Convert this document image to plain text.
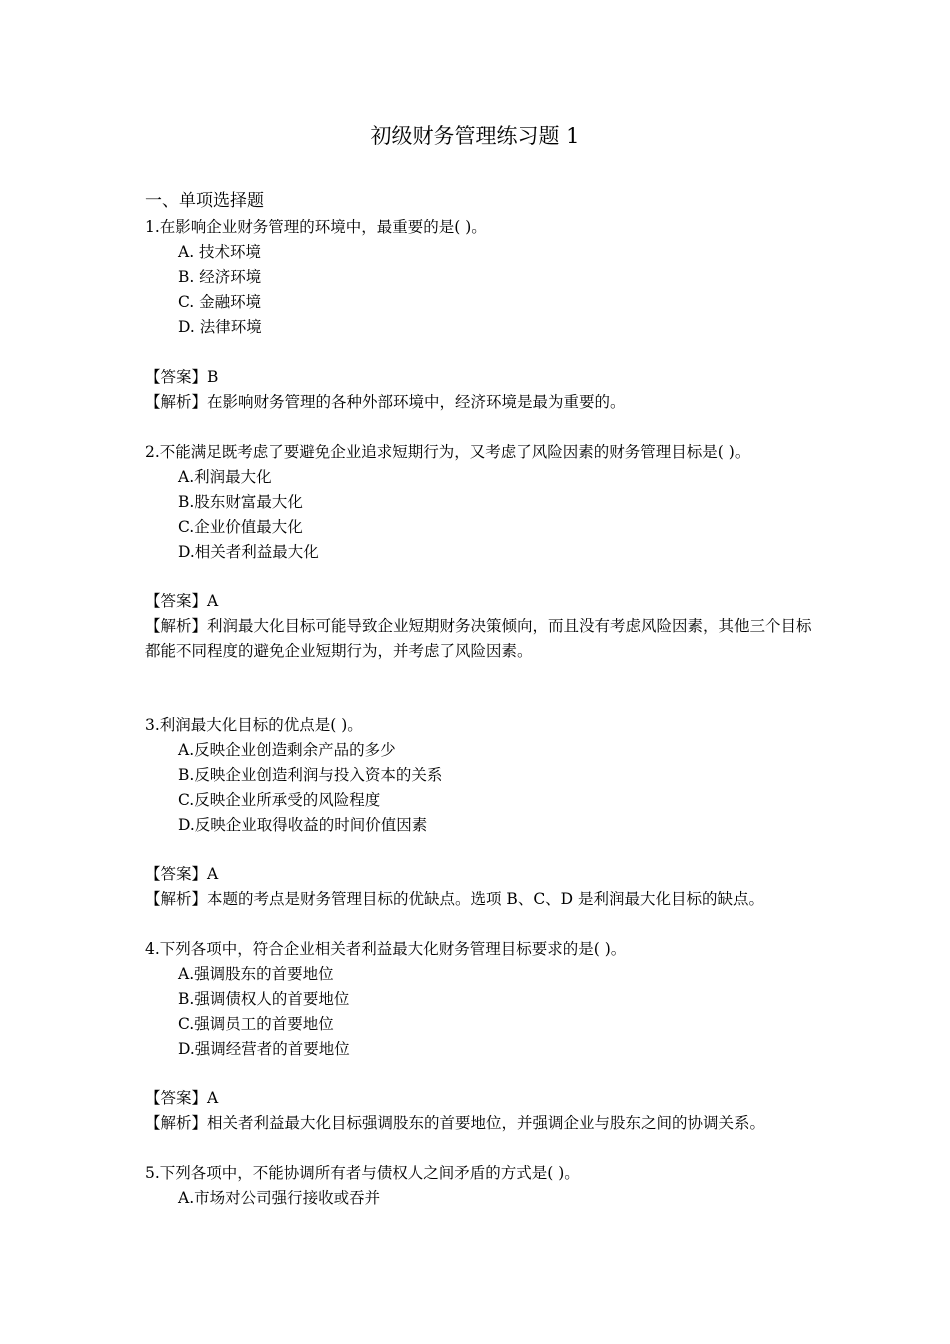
初级财务管理练习题 1
一、单项选择题
1.在影响企业财务管理的环境中，最重要的是( )。
A. 技术环境
B. 经济环境
C. 金融环境
D. 法律环境
【答案】B
【解析】在影响财务管理的各种外部环境中，经济环境是最为重要的。
2.不能满足既考虑了要避免企业追求短期行为，又考虑了风险因素的财务管理目标是( )。
A.利润最大化
B.股东财富最大化
C.企业价值最大化
D.相关者利益最大化
【答案】A
【解析】利润最大化目标可能导致企业短期财务决策倾向，而且没有考虑风险因素，其他三个目标都能不同程度的避免企业短期行为，并考虑了风险因素。
3.利润最大化目标的优点是( )。
A.反映企业创造剩余产品的多少
B.反映企业创造利润与投入资本的关系
C.反映企业所承受的风险程度
D.反映企业取得收益的时间价值因素
【答案】A
【解析】本题的考点是财务管理目标的优缺点。选项 B、C、D 是利润最大化目标的缺点。
4.下列各项中，符合企业相关者利益最大化财务管理目标要求的是( )。
A.强调股东的首要地位
B.强调债权人的首要地位
C.强调员工的首要地位
D.强调经营者的首要地位
【答案】A
【解析】相关者利益最大化目标强调股东的首要地位，并强调企业与股东之间的协调关系。
5.下列各项中，不能协调所有者与债权人之间矛盾的方式是( )。
A.市场对公司强行接收或吞并
